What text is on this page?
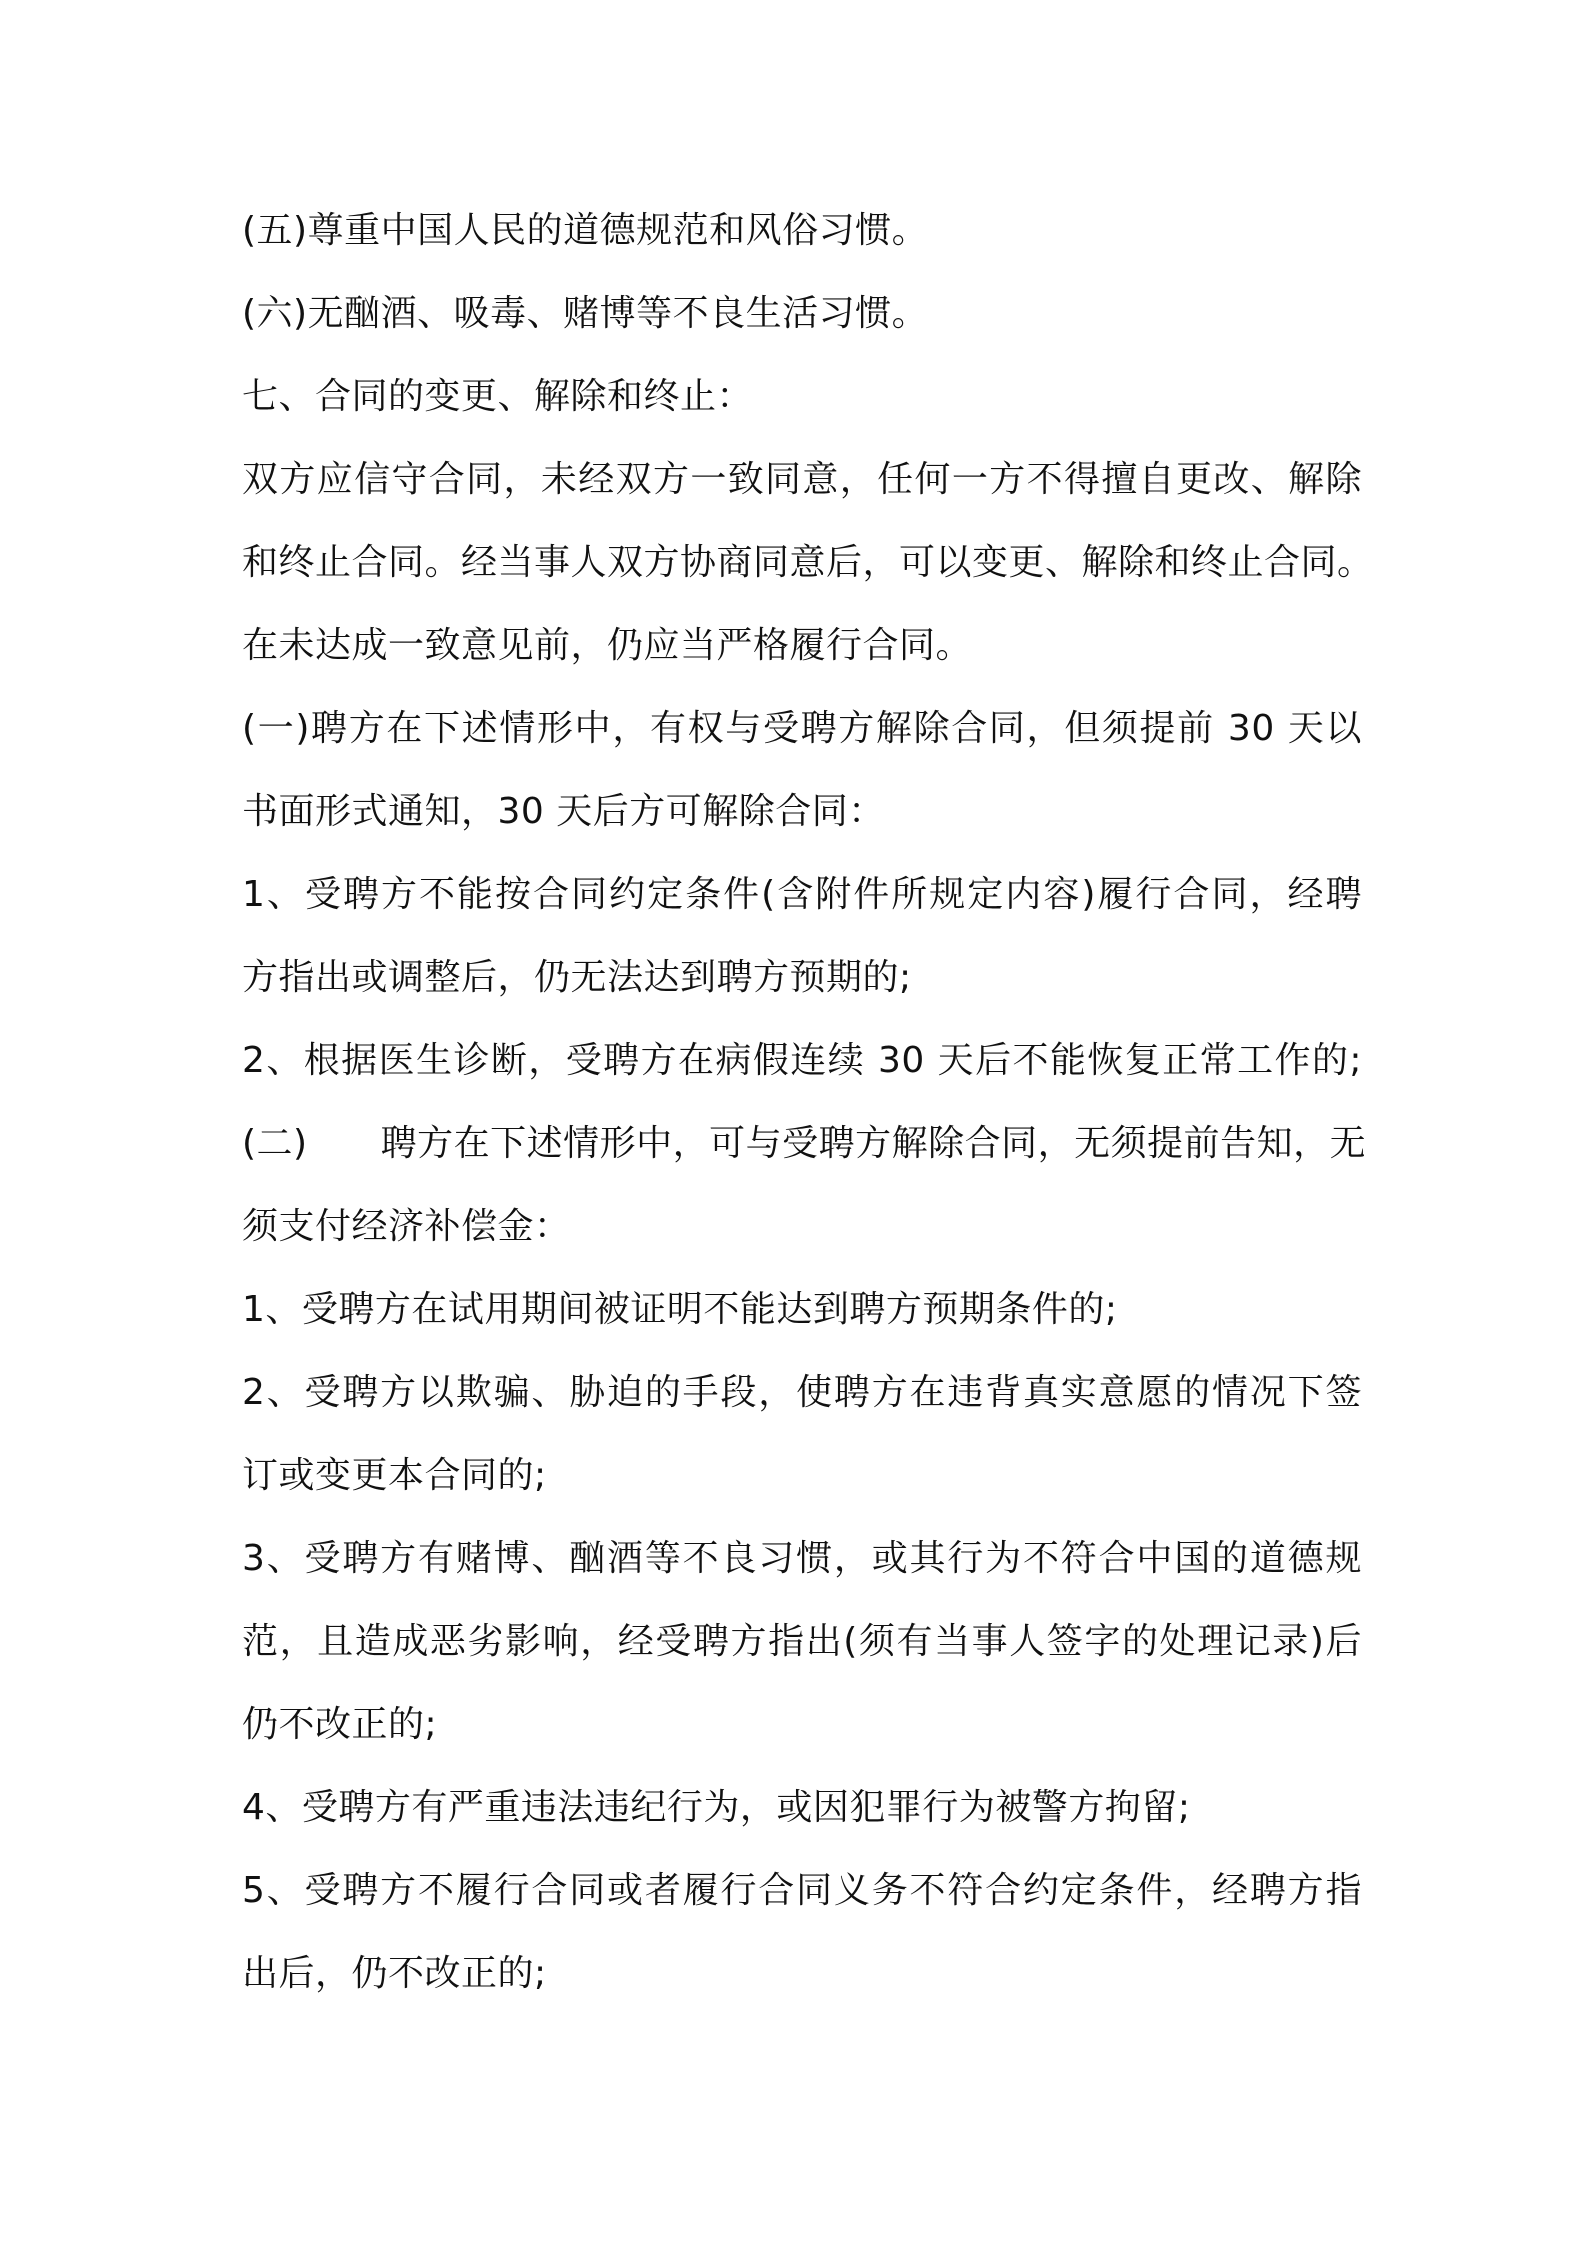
(五)尊重中国人民的道德规范和风俗习惯。
(六)无酗酒、吸毒、赌博等不良生活习惯。
七、合同的变更、解除和终止：
双方应信守合同，未经双方一致同意，任何一方不得擅自更改、解除
和终止合同。经当事人双方协商同意后，可以变更、解除和终止合同。
在未达成一致意见前，仍应当严格履行合同。
(一)聘方在下述情形中，有权与受聘方解除合同，但须提前 30 天以
书面形式通知，30 天后方可解除合同：
1、受聘方不能按合同约定条件(含附件所规定内容)履行合同，经聘
方指出或调整后，仍无法达到聘方预期的;
2、根据医生诊断，受聘方在病假连续 30 天后不能恢复正常工作的;
(二)　　聘方在下述情形中，可与受聘方解除合同，无须提前告知，无
须支付经济补偿金：
1、受聘方在试用期间被证明不能达到聘方预期条件的;
2、受聘方以欺骗、胁迫的手段，使聘方在违背真实意愿的情况下签
订或变更本合同的;
3、受聘方有赌博、酗酒等不良习惯，或其行为不符合中国的道德规
范，且造成恶劣影响，经受聘方指出(须有当事人签字的处理记录)后
仍不改正的;
4、受聘方有严重违法违纪行为，或因犯罪行为被警方拘留;
5、受聘方不履行合同或者履行合同义务不符合约定条件，经聘方指
出后，仍不改正的;
